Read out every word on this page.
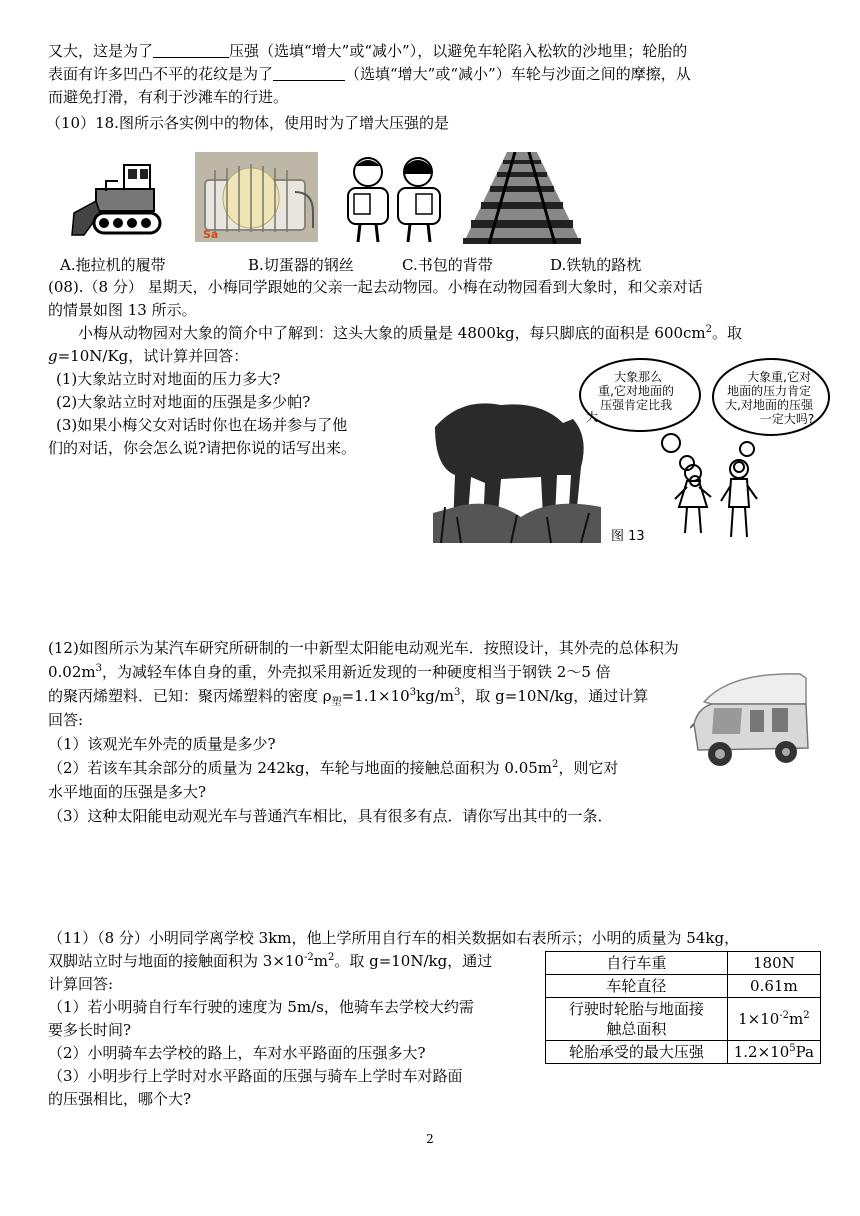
又大，这是为了	压强（选填“增大”或“减小”），以避免车轮陷入松软的沙地里；轮胎的

表面有许多凹凸不平的花纹是为了	（选填“增大”或“减小”）车轮与沙面之间的摩擦，从

而避免打滑，有利于沙滩车的行进。

（10）18.图所示各实例中的物体，使用时为了增大压强的是
Sa
A.拖拉机的履带	B.切蛋器的钢丝	C.书包的背带	D.铁轨的路枕

(08).（8 分） 星期天，小梅同学跟她的父亲一起去动物园。小梅在动物园看到大象时，和父亲对话

的情景如图 13 所示。

小梅从动物园对大象的简介中了解到：这头大象的质量是 4800kg，每只脚底的面积是 $600cm^2$。取

g=10N/Kg，试计算并回答：

(1)大象站立时对地面的压力多大?

(2)大象站立时对地面的压强是多少帕?

(3)如果小梅父女对话时你也在场并参与了他

们的对话，你会怎么说?请把你说的话写出来。

大象那么 重,它对地面的 压强肯定比我 大
大象重,它对 地面的压力肯定 大,对地面的压强 一定大吗?
图 13

(12)如图所示为某汽车研究所研制的一中新型太阳能电动观光车．按照设计，其外壳的总体积为

$0.02m^3$，为减轻车体自身的重，外壳拟采用新近发现的一种硬度相当于钢铁 2～5 倍

的聚丙烯塑料．已知：聚丙烯塑料的密度 $\rho_塑=1.1\times 10^3kg/m^3$，取 g=10N/kg，通过计算

回答:

（1）该观光车外壳的质量是多少?

（2）若该车其余部分的质量为 242kg，车轮与地面的接触总面积为 $0.05m^2$，则它对

水平地面的压强是多大?

（3）这种太阳能电动观光车与普通汽车相比，具有很多有点．请你写出其中的一条．

（11）（8 分）小明同学离学校 3km，他上学所用自行车的相关数据如右表所示；小明的质量为 54kg，

双脚站立时与地面的接触面积为 $3\times 10^{-2}m^2$。取 g=10N/kg，通过

计算回答:

（1）若小明骑自行车行驶的速度为 5m/s，他骑车去学校大约需

要多长时间?

（2）小明骑车去学校的路上，车对水平路面的压强多大?

（3）小明步行上学时对水平路面的压强与骑车上学时车对路面

的压强相比，哪个大?

自行车重	180N
车轮直径	0.61m
行驶时轮胎与地面接
触总面积	$1\times 10^{-2}m^2$
轮胎承受的最大压强	$1.2\times 10^5Pa$
2
